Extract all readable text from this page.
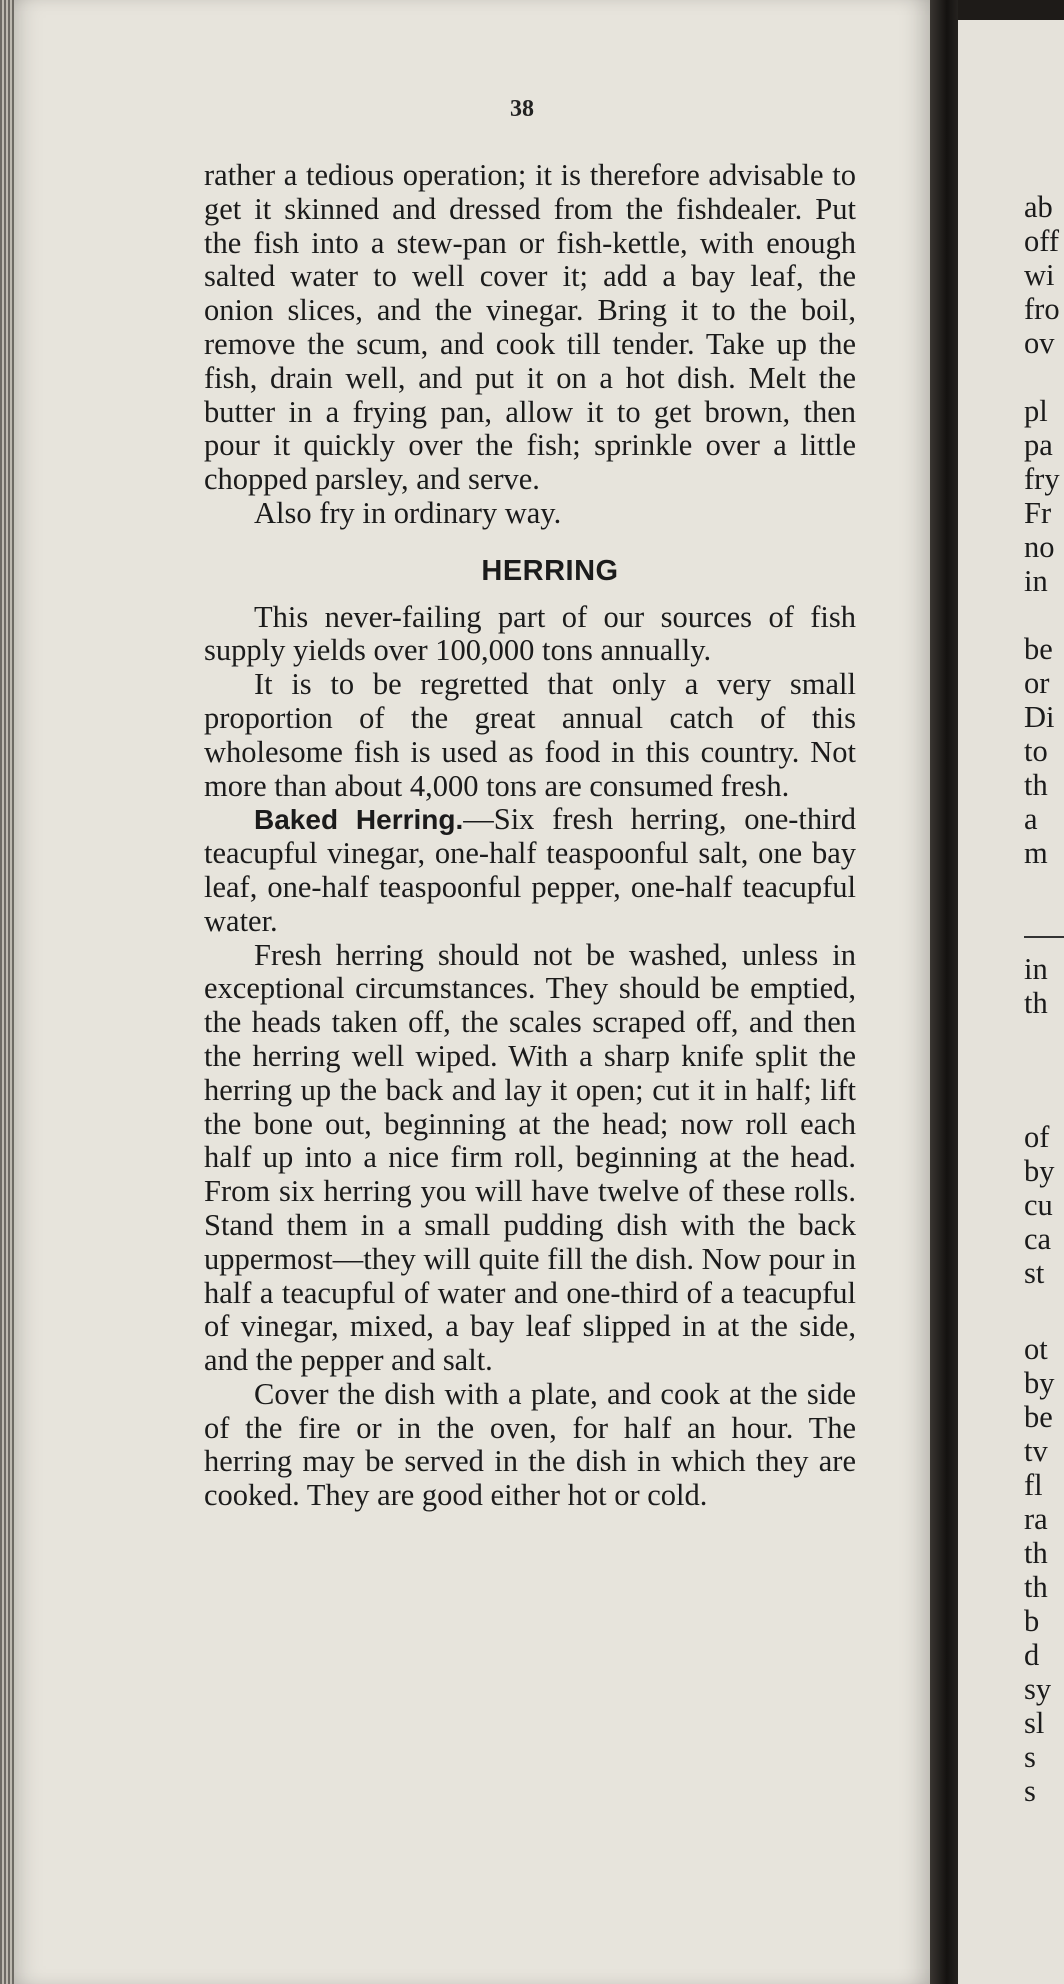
38

rather a tedious operation; it is therefore advisable to get it skinned and dressed from the fishdealer. Put the fish into a stew-pan or fish-kettle, with enough salted water to well cover it; add a bay leaf, the onion slices, and the vinegar. Bring it to the boil, remove the scum, and cook till tender. Take up the fish, drain well, and put it on a hot dish. Melt the butter in a frying pan, allow it to get brown, then pour it quickly over the fish; sprinkle over a little chopped parsley, and serve.

Also fry in ordinary way.

HERRING

This never-failing part of our sources of fish supply yields over 100,000 tons annually.

It is to be regretted that only a very small proportion of the great annual catch of this wholesome fish is used as food in this country. Not more than about 4,000 tons are consumed fresh.

Baked Herring.—Six fresh herring, one-third teacupful vinegar, one-half teaspoonful salt, one bay leaf, one-half teaspoonful pepper, one-half teacupful water.

Fresh herring should not be washed, unless in exceptional circumstances. They should be emptied, the heads taken off, the scales scraped off, and then the herring well wiped. With a sharp knife split the herring up the back and lay it open; cut it in half; lift the bone out, beginning at the head; now roll each half up into a nice firm roll, beginning at the head. From six herring you will have twelve of these rolls. Stand them in a small pudding dish with the back uppermost—they will quite fill the dish. Now pour in half a teacupful of water and one-third of a teacupful of vinegar, mixed, a bay leaf slipped in at the side, and the pepper and salt.

Cover the dish with a plate, and cook at the side of the fire or in the oven, for half an hour. The herring may be served in the dish in which they are cooked. They are good either hot or cold.

ab
off
wi
fro
ov
pl
pa
fry
Fr
no
in
be
or
Di
to
th
a
m
in
th
of
by
cu
ca
st
ot
by
be
tv
fl
ra
th
th
b
d
sy
sl
s
s
